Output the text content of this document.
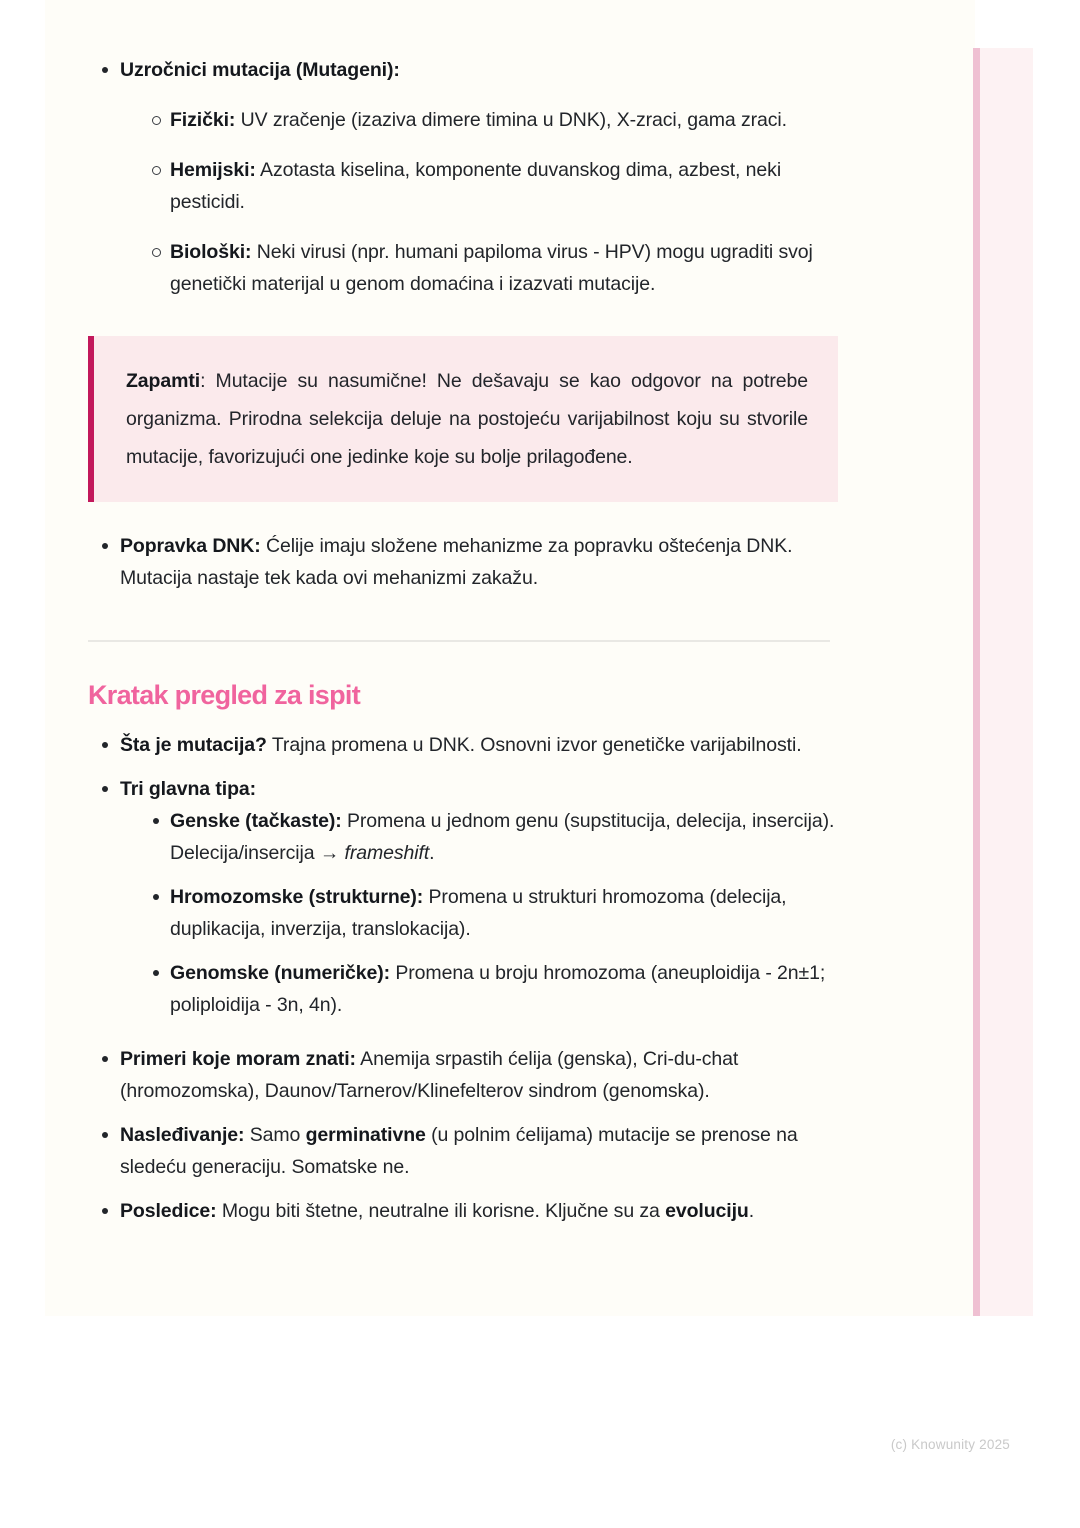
Uzročnici mutacija (Mutageni):
Fizički: UV zračenje (izaziva dimere timina u DNK), X-zraci, gama zraci.
Hemijski: Azotasta kiselina, komponente duvanskog dima, azbest, neki pesticidi.
Biološki: Neki virusi (npr. humani papiloma virus - HPV) mogu ugraditi svoj genetički materijal u genom domaćina i izazvati mutacije.

Zapamti: Mutacije su nasumične! Ne dešavaju se kao odgovor na potrebe organizma. Prirodna selekcija deluje na postojeću varijabilnost koju su stvorile mutacije, favorizujući one jedinke koje su bolje prilagođene.

Popravka DNK: Ćelije imaju složene mehanizme za popravku oštećenja DNK. Mutacija nastaje tek kada ovi mehanizmi zakažu.
Kratak pregled za ispit
Šta je mutacija? Trajna promena u DNK. Osnovni izvor genetičke varijabilnosti.
Tri glavna tipa:
Genske (tačkaste): Promena u jednom genu (supstitucija, delecija, insercija). Delecija/insercija → frameshift.
Hromozomske (strukturne): Promena u strukturi hromozoma (delecija, duplikacija, inverzija, translokacija).
Genomske (numeričke): Promena u broju hromozoma (aneuploidija - 2n±1; poliploidija - 3n, 4n).
Primeri koje moram znati: Anemija srpastih ćelija (genska), Cri-du-chat (hromozomska), Daunov/Tarnerov/Klinefelterov sindrom (genomska).
Nasleđivanje: Samo germinativne (u polnim ćelijama) mutacije se prenose na sledeću generaciju. Somatske ne.
Posledice: Mogu biti štetne, neutralne ili korisne. Ključne su za evoluciju.
(c) Knowunity 2025
